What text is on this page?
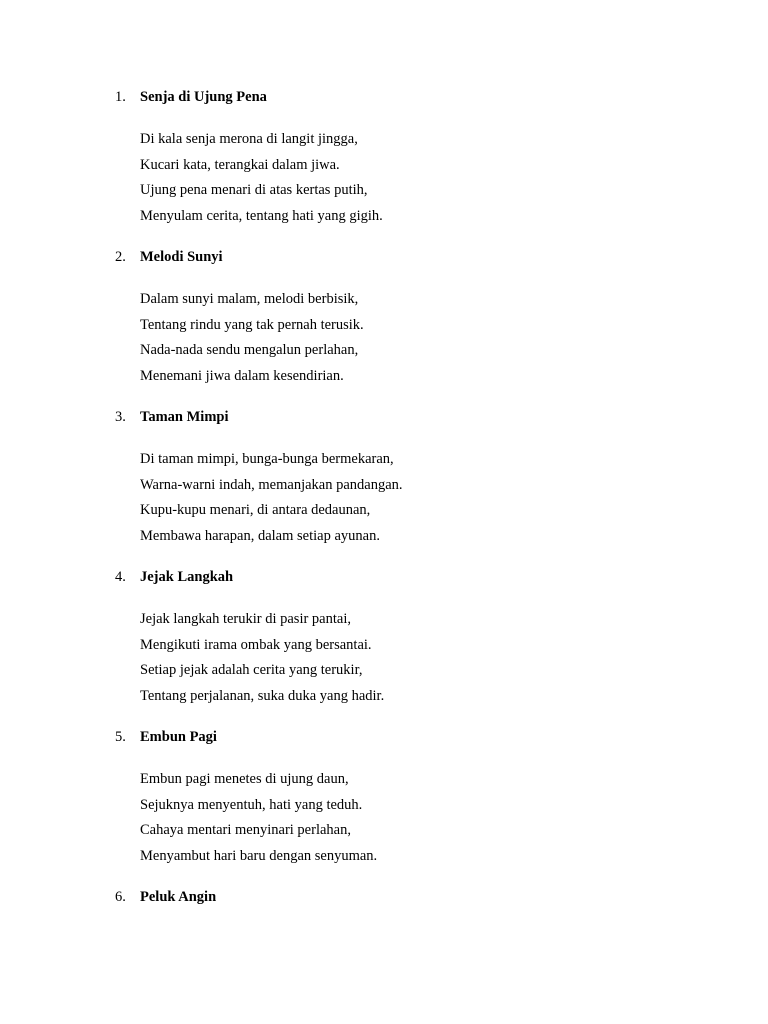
1. Senja di Ujung Pena
Di kala senja merona di langit jingga,
Kucari kata, terangkai dalam jiwa.
Ujung pena menari di atas kertas putih,
Menyulam cerita, tentang hati yang gigih.
2. Melodi Sunyi
Dalam sunyi malam, melodi berbisik,
Tentang rindu yang tak pernah terusik.
Nada-nada sendu mengalun perlahan,
Menemani jiwa dalam kesendirian.
3. Taman Mimpi
Di taman mimpi, bunga-bunga bermekaran,
Warna-warni indah, memanjakan pandangan.
Kupu-kupu menari, di antara dedaunan,
Membawa harapan, dalam setiap ayunan.
4. Jejak Langkah
Jejak langkah terukir di pasir pantai,
Mengikuti irama ombak yang bersantai.
Setiap jejak adalah cerita yang terukir,
Tentang perjalanan, suka duka yang hadir.
5. Embun Pagi
Embun pagi menetes di ujung daun,
Sejuknya menyentuh, hati yang teduh.
Cahaya mentari menyinari perlahan,
Menyambut hari baru dengan senyuman.
6. Peluk Angin
